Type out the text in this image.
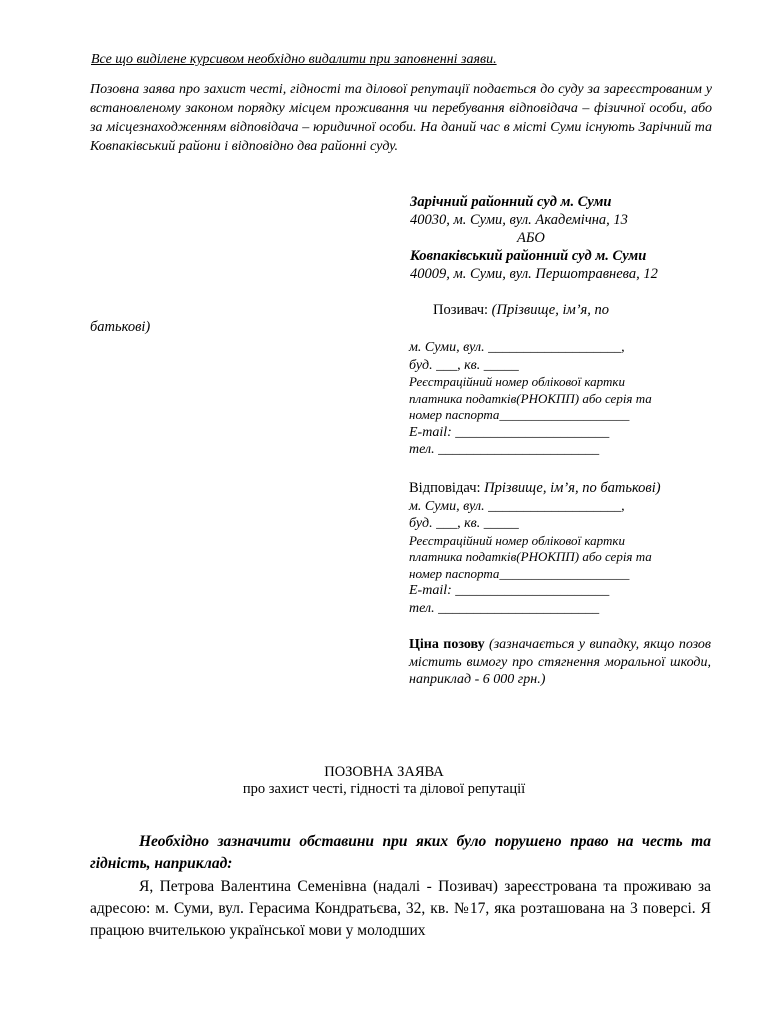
Все що виділене курсивом необхідно видалити при заповненні заяви.
Позовна заява про захист честі, гідності та ділової репутації подається до суду за зареєстрованим у встановленому законом порядку місцем проживання чи перебування відповідача – фізичної особи, або за місцезнаходженням відповідача – юридичної особи. На даний час в місті Суми існують Зарічний та Ковпаківський райони і відповідно два районні суду.
Зарічний районний суд м. Суми
40030, м. Суми, вул. Академічна, 13
АБО
Ковпаківський районний суд м. Суми
40009, м. Суми, вул. Першотравнева, 12
Позивач: (Прізвище, ім’я, по
батькові)
м. Суми, вул. ___________________,
буд. ___, кв. _____
Реєстраційний номер облікової картки
платника податків(РНОКПП) або серія та
номер паспорта____________________
E-mail: ______________________
тел. _______________________
Відповідач: Прізвище, ім’я, по батькові)
м. Суми, вул. ___________________,
буд. ___, кв. _____
Реєстраційний номер облікової картки
платника податків(РНОКПП) або серія та
номер паспорта____________________
E-mail: ______________________
тел. _______________________
Ціна позову (зазначається у випадку, якщо позов містить вимогу про стягнення моральної шкоди, наприклад - 6 000 грн.)
ПОЗОВНА ЗАЯВА
про захист честі, гідності та ділової репутації
Необхідно зазначити обставини при яких було порушено право на честь та гідність, наприклад:
Я, Петрова Валентина Семенівна (надалі - Позивач) зареєстрована та проживаю за адресою: м. Суми, вул. Герасима Кондратьєва, 32, кв. №17, яка розташована на 3 поверсі. Я працюю вчителькою української мови у молодших
